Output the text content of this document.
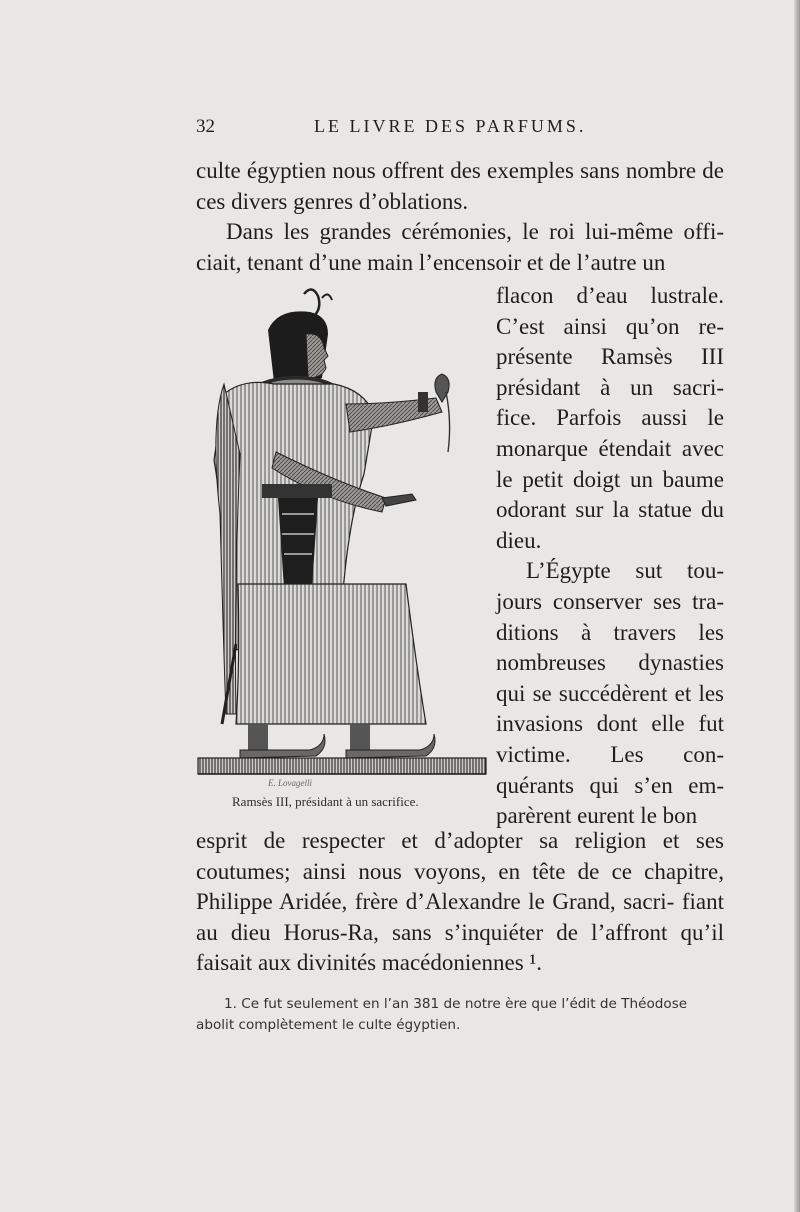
32	LE LIVRE DES PARFUMS.

culte égyptien nous offrent des exemples sans nombre de ces divers genres d’oblations.

Dans les grandes cérémonies, le roi lui-même offi- ciait, tenant d’une main l’encensoir et de l’autre un

flacon d’eau lustrale. C’est ainsi qu’on re- présente Ramsès III présidant à un sacri- fice. Parfois aussi le monarque étendait avec le petit doigt un baume odorant sur la statue du dieu.

L’Égypte sut tou- jours conserver ses tra- ditions à travers les nombreuses dynasties qui se succédèrent et les invasions dont elle fut victime. Les con- quérants qui s’en em- parèrent eurent le bon

E. Lovagelli
Ramsès III, présidant à un sacrifice.

esprit de respecter et d’adopter sa religion et ses coutumes; ainsi nous voyons, en tête de ce chapitre, Philippe Aridée, frère d’Alexandre le Grand, sacri- fiant au dieu Horus-Ra, sans s’inquiéter de l’affront qu’il faisait aux divinités macédoniennes ¹.

1. Ce fut seulement en l’an 381 de notre ère que l’édit de Théodose abolit complètement le culte égyptien.
